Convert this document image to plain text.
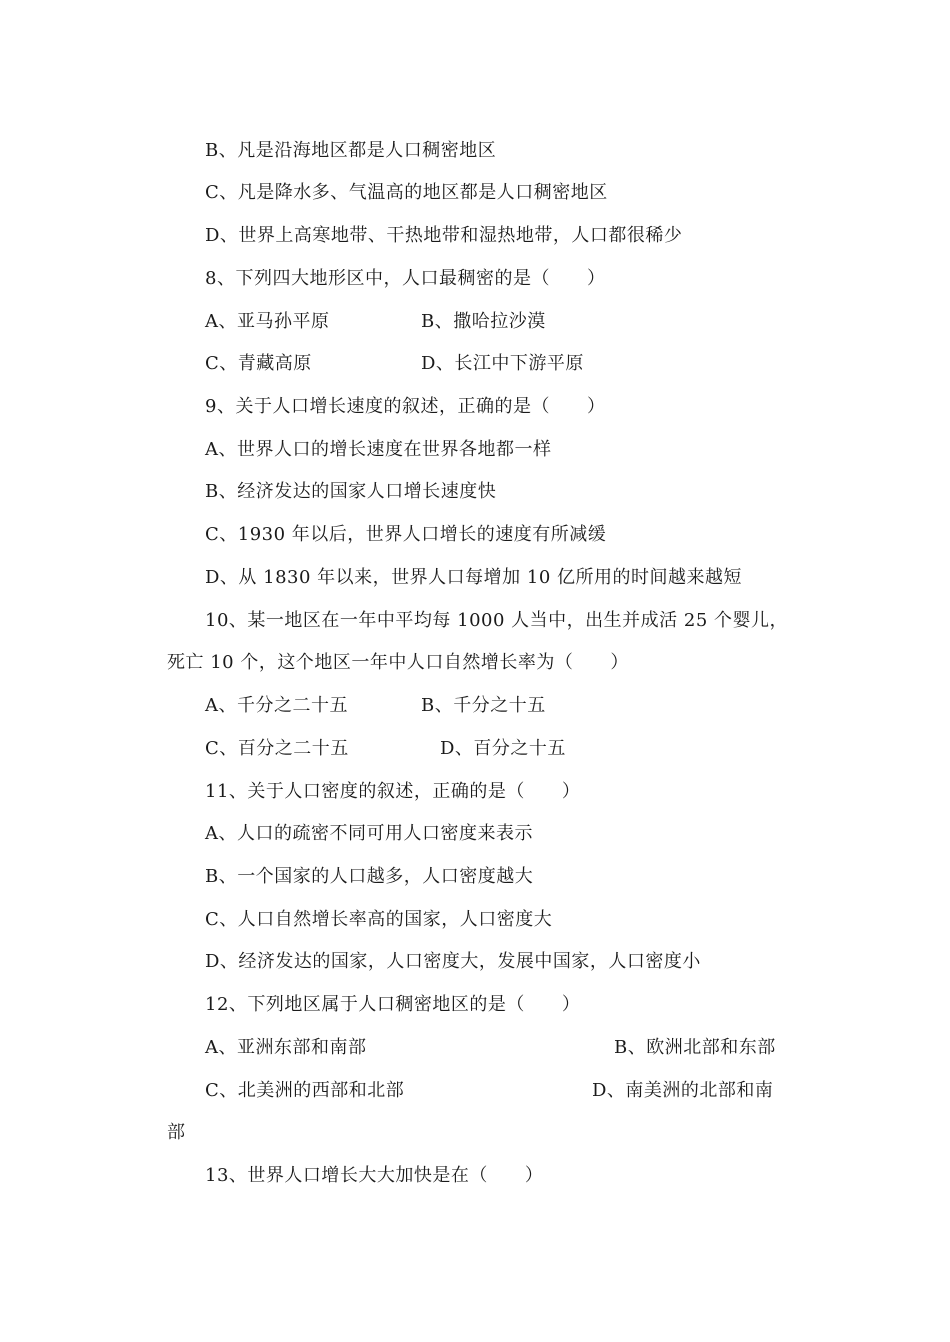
B、凡是沿海地区都是人口稠密地区
C、凡是降水多、气温高的地区都是人口稠密地区
D、世界上高寒地带、干热地带和湿热地带，人口都很稀少
8、下列四大地形区中，人口最稠密的是（　　）
A、亚马孙平原	B、撒哈拉沙漠
C、青藏高原	D、长江中下游平原
9、关于人口增长速度的叙述，正确的是（　　）
A、世界人口的增长速度在世界各地都一样
B、经济发达的国家人口增长速度快
C、1930 年以后，世界人口增长的速度有所减缓
D、从 1830 年以来，世界人口每增加 10 亿所用的时间越来越短
10、某一地区在一年中平均每 1000 人当中，出生并成活 25 个婴儿，
死亡 10 个，这个地区一年中人口自然增长率为（　　）
A、千分之二十五	B、千分之十五
C、百分之二十五	D、百分之十五
11、关于人口密度的叙述，正确的是（　　）
A、人口的疏密不同可用人口密度来表示
B、一个国家的人口越多，人口密度越大
C、人口自然增长率高的国家，人口密度大
D、经济发达的国家，人口密度大，发展中国家，人口密度小
12、下列地区属于人口稠密地区的是（　　）
A、亚洲东部和南部	B、欧洲北部和东部
C、北美洲的西部和北部	D、南美洲的北部和南
部
13、世界人口增长大大加快是在（　　）
